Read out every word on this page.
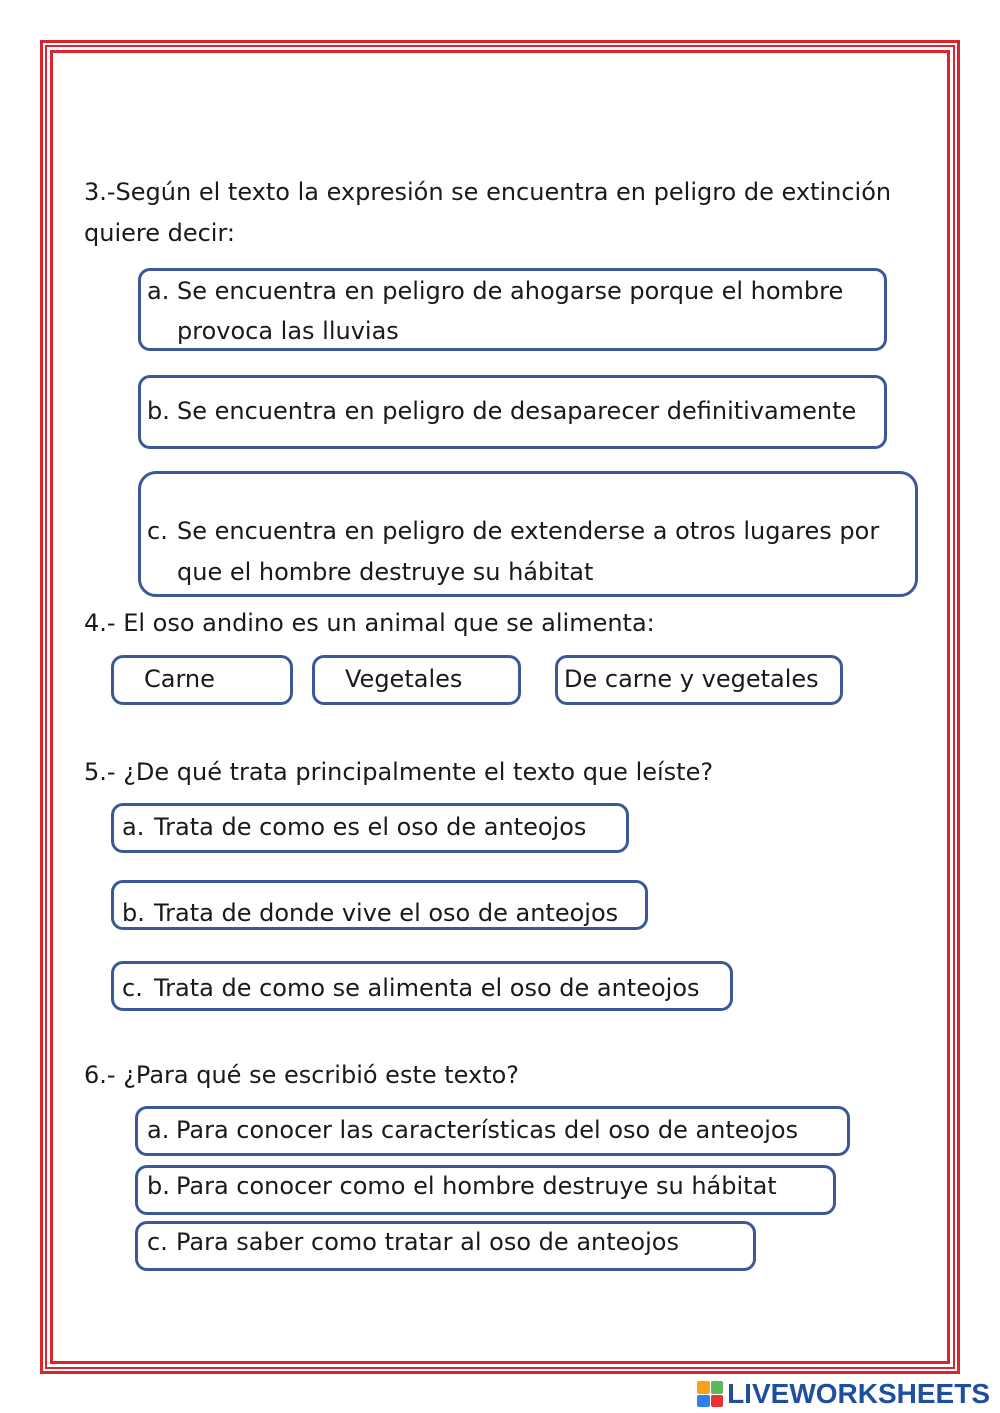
3.-Según el texto la expresión se encuentra en peligro de extinción

quiere decir:

a. Se encuentra en peligro de ahogarse porque el hombre
provoca las lluvias
b. Se encuentra en peligro de desaparecer definitivamente
c. Se encuentra en peligro de extenderse a otros lugares por
que el hombre destruye su hábitat

4.- El oso andino es un animal que se alimenta:

Carne	Vegetales	De carne y vegetales

5.- ¿De qué trata principalmente el texto que leíste?

a. Trata de como es el oso de anteojos
b. Trata de donde vive el oso de anteojos
c. Trata de como se alimenta el oso de anteojos

6.- ¿Para qué se escribió este texto?

a. Para conocer las características del oso de anteojos
b. Para conocer como el hombre destruye su hábitat
c. Para saber como tratar al oso de anteojos
LIVEWORKSHEETS
